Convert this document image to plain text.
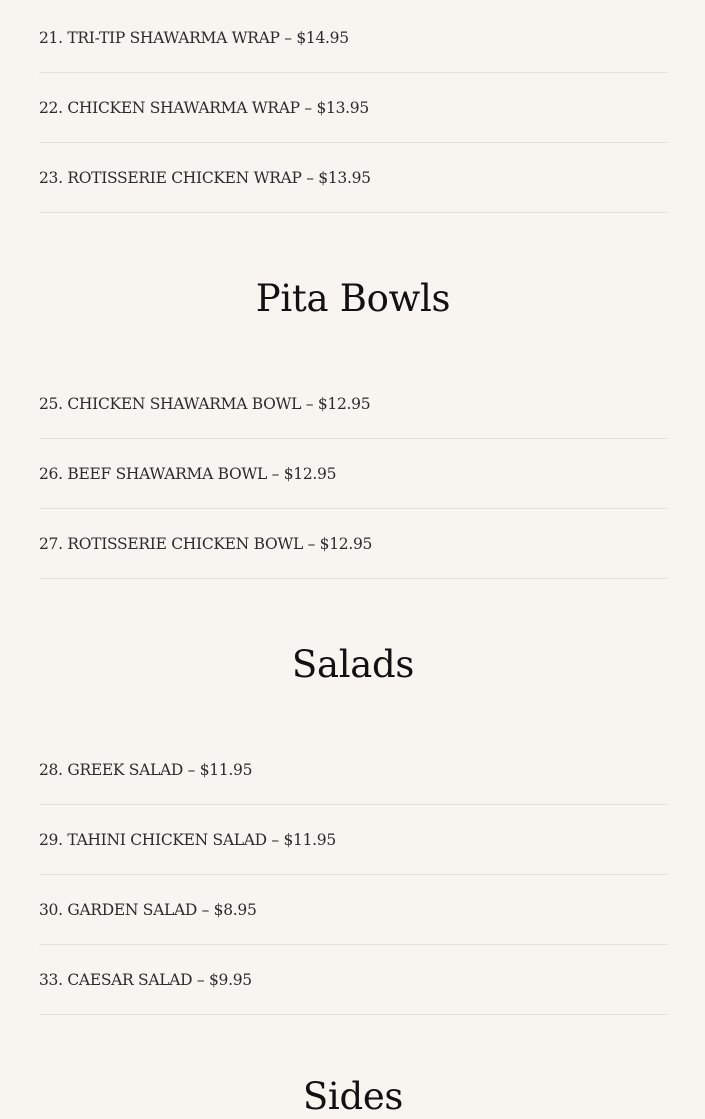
21. TRI-TIP SHAWARMA WRAP – $14.95
22. CHICKEN SHAWARMA WRAP – $13.95
23. ROTISSERIE CHICKEN WRAP – $13.95
Pita Bowls
25. CHICKEN SHAWARMA BOWL – $12.95
26. BEEF SHAWARMA BOWL – $12.95
27. ROTISSERIE CHICKEN BOWL – $12.95
Salads
28. GREEK SALAD – $11.95
29. TAHINI CHICKEN SALAD – $11.95
30. GARDEN SALAD – $8.95
33. CAESAR SALAD – $9.95
Sides
